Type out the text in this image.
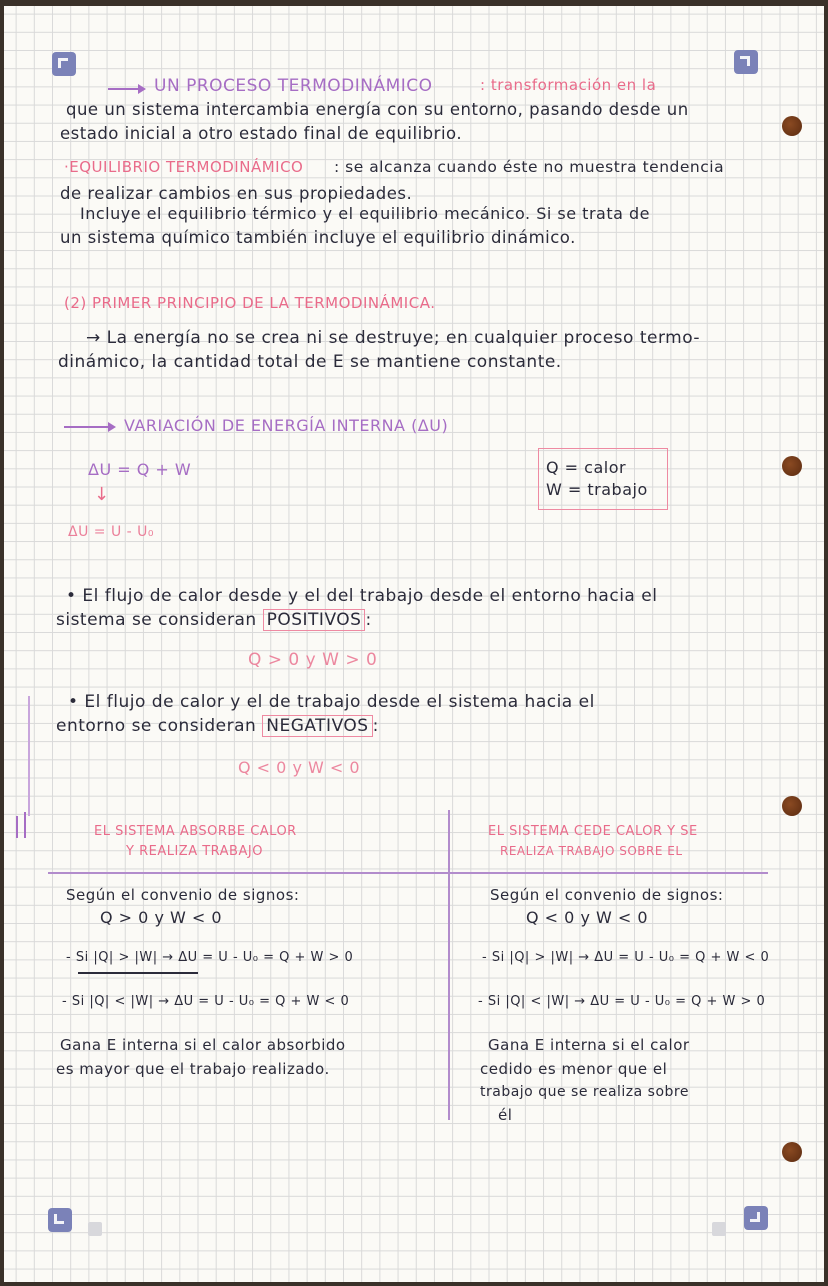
UN PROCESO TERMODINÁMICO	: transformación en la
que un sistema intercambia energía con su entorno, pasando desde un
estado inicial a otro estado final de equilibrio.
·EQUILIBRIO TERMODINÁMICO : se alcanza cuando éste no muestra tendencia
de realizar cambios en sus propiedades.
Incluye el equilibrio térmico y el equilibrio mecánico. Si se trata de
un sistema químico también incluye el equilibrio dinámico.
(2) PRIMER PRINCIPIO DE LA TERMODINÁMICA.
→ La energía no se crea ni se destruye; en cualquier proceso termo-
dinámico, la cantidad total de E se mantiene constante.
VARIACIÓN DE ENERGÍA INTERNA (ΔU)
ΔU = Q + W
↓
ΔU = U - U₀
Q = calor
W = trabajo
• El flujo de calor desde y el del trabajo desde el entorno hacia el
sistema se consideran POSITIVOS :
Q > 0 y W > 0
• El flujo de calor y el de trabajo desde el sistema hacia el
entorno se consideran NEGATIVOS :
Q < 0 y W < 0
EL SISTEMA ABSORBE CALOR
Y REALIZA TRABAJO
EL SISTEMA CEDE CALOR Y SE
REALIZA TRABAJO SOBRE EL
Según el convenio de signos:
Q > 0 y W < 0
- Si |Q| > |W| → ΔU = U - U₀ = Q + W > 0
- Si |Q| < |W| → ΔU = U - U₀ = Q + W < 0
Gana E interna si el calor absorbido
es mayor que el trabajo realizado.
Según el convenio de signos:
Q < 0 y W < 0
- Si |Q| > |W| → ΔU = U - U₀ = Q + W < 0
- Si |Q| < |W| → ΔU = U - U₀ = Q + W > 0
Gana E interna si el calor
cedido es menor que el
trabajo que se realiza sobre
él
